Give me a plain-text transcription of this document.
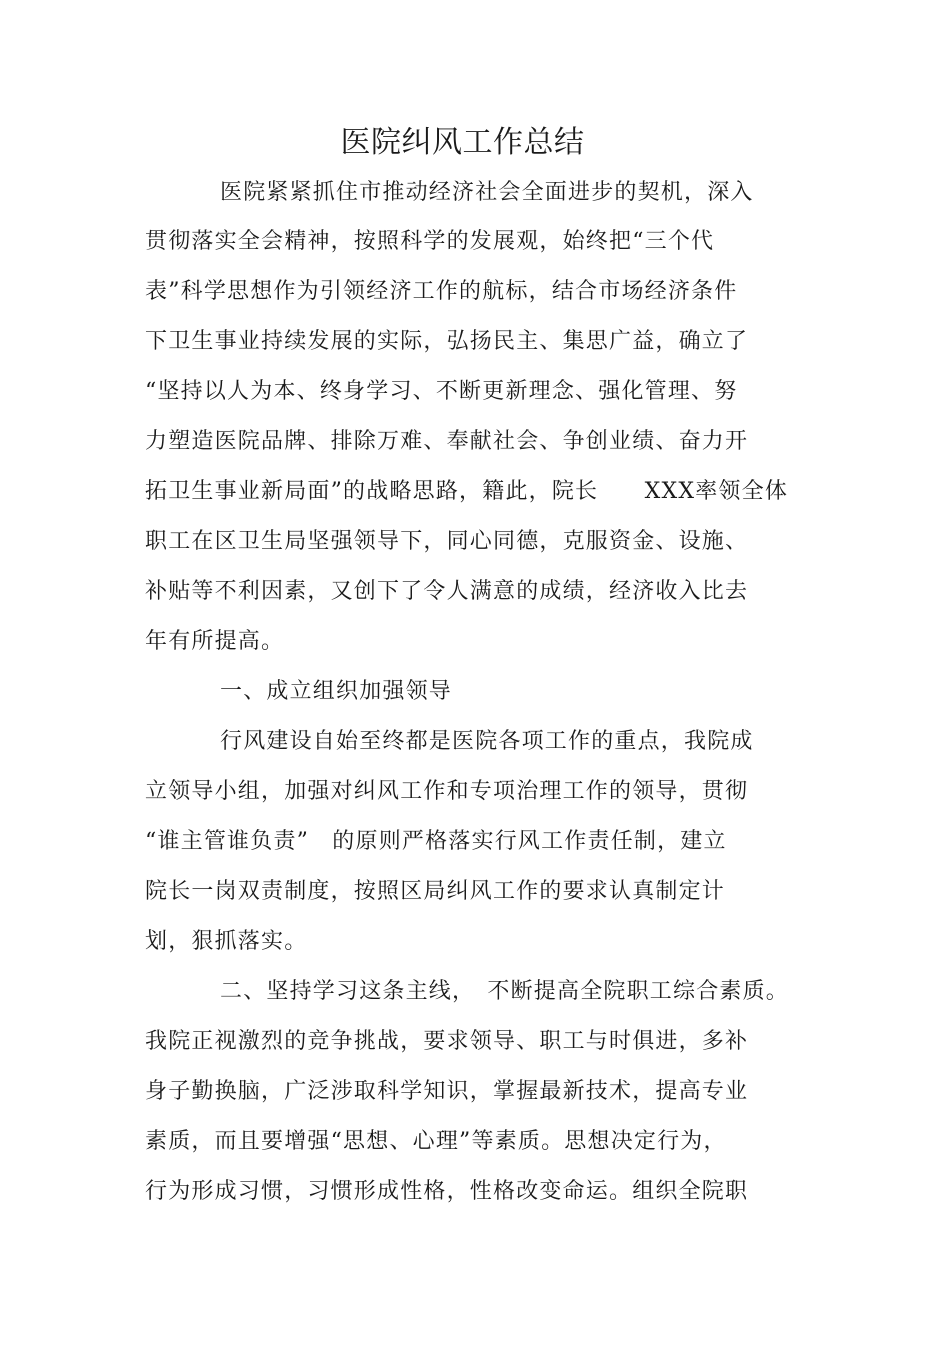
医院纠风工作总结
医院紧紧抓住市推动经济社会全面进步的契机，深入
贯彻落实全会精神，按照科学的发展观，始终把“三个代
表”科学思想作为引领经济工作的航标，结合市场经济条件
下卫生事业持续发展的实际，弘扬民主、集思广益，确立了
“坚持以人为本、终身学习、不断更新理念、强化管理、努
力塑造医院品牌、排除万难、奉献社会、争创业绩、奋力开
拓卫生事业新局面”的战略思路，籍此，院长　　XXX率领全体
职工在区卫生局坚强领导下，同心同德，克服资金、设施、
补贴等不利因素，又创下了令人满意的成绩，经济收入比去
年有所提高。
一、成立组织加强领导
行风建设自始至终都是医院各项工作的重点，我院成
立领导小组，加强对纠风工作和专项治理工作的领导，贯彻
“谁主管谁负责”　的原则严格落实行风工作责任制，建立
院长一岗双责制度，按照区局纠风工作的要求认真制定计
划，狠抓落实。
二、坚持学习这条主线，　不断提高全院职工综合素质。
我院正视激烈的竞争挑战，要求领导、职工与时俱进，多补
身子勤换脑，广泛涉取科学知识，掌握最新技术，提高专业
素质，而且要增强“思想、心理”等素质。思想决定行为，
行为形成习惯，习惯形成性格，性格改变命运。组织全院职
